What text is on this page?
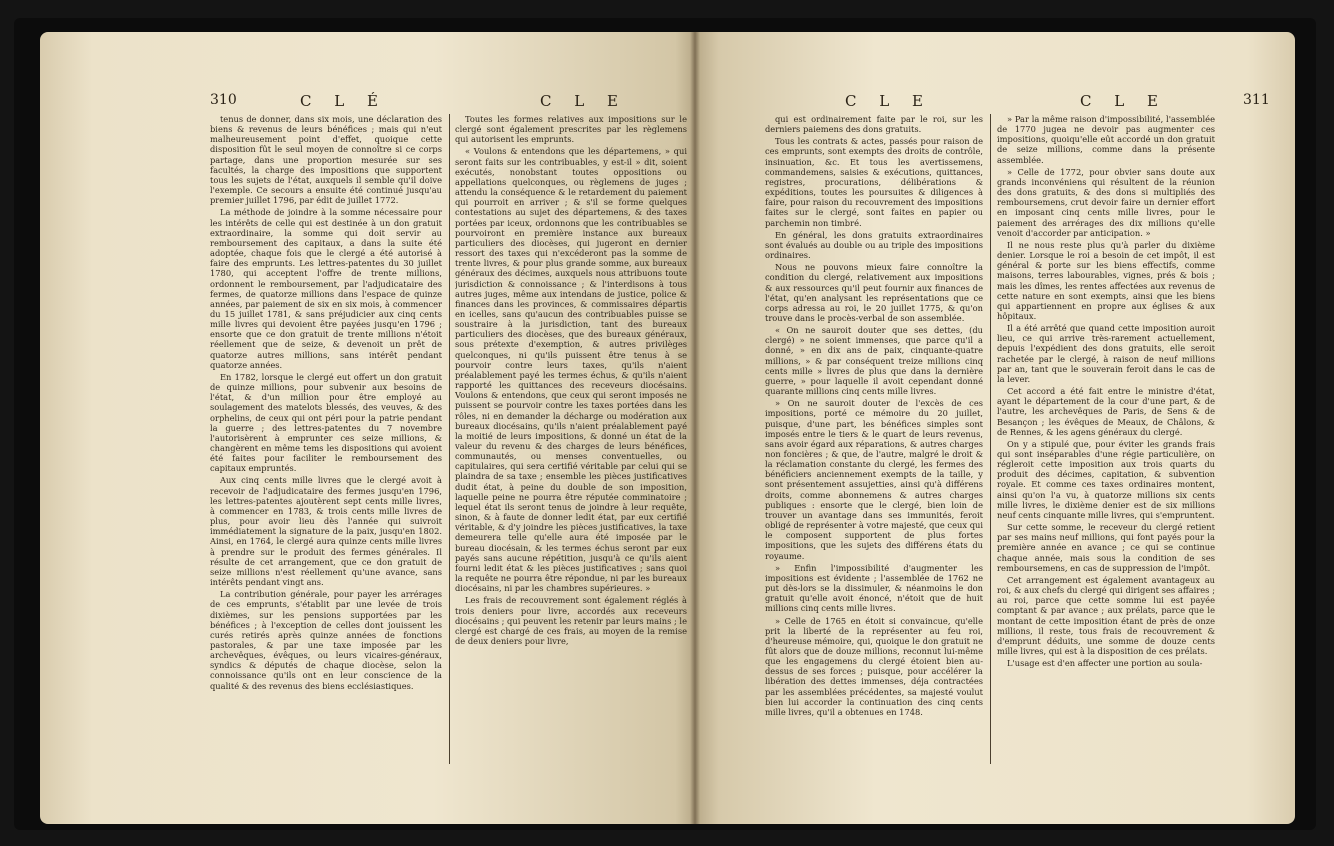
310	C L É	C L E

tenus de donner, dans six mois, une déclaration des biens & revenus de leurs bénéfices ; mais qui n'eut malheureusement point d'effet, quoique cette disposition fût le seul moyen de connoître si ce corps partage, dans une proportion mesurée sur ses facultés, la charge des impositions que supportent tous les sujets de l'état, auxquels il semble qu'il doive l'exemple. Ce secours a ensuite été continué jusqu'au premier juillet 1796, par édit de juillet 1772.

La méthode de joindre à la somme nécessaire pour les intérêts de celle qui est destinée à un don gratuit extraordinaire, la somme qui doit servir au remboursement des capitaux, a dans la suite été adoptée, chaque fois que le clergé a été autorisé à faire des emprunts. Les lettres-patentes du 30 juillet 1780, qui acceptent l'offre de trente millions, ordonnent le remboursement, par l'adjudicataire des fermes, de quatorze millions dans l'espace de quinze années, par paiement de six en six mois, à commencer du 15 juillet 1781, & sans préjudicier aux cinq cents mille livres qui devoient être payées jusqu'en 1796 ; ensorte que ce don gratuit de trente millions n'étoit réellement que de seize, & devenoit un prêt de quatorze autres millions, sans intérêt pendant quatorze années.

En 1782, lorsque le clergé eut offert un don gratuit de quinze millions, pour subvenir aux besoins de l'état, & d'un million pour être employé au soulagement des matelots blessés, des veuves, & des orphelins, de ceux qui ont péri pour la patrie pendant la guerre ; des lettres-patentes du 7 novembre l'autorisèrent à emprunter ces seize millions, & changèrent en même tems les dispositions qui avoient été faites pour faciliter le remboursement des capitaux empruntés.

Aux cinq cents mille livres que le clergé avoit à recevoir de l'adjudicataire des fermes jusqu'en 1796, les lettres-patentes ajoutèrent sept cents mille livres, à commencer en 1783, & trois cents mille livres de plus, pour avoir lieu dès l'année qui suivroit immédiatement la signature de la paix, jusqu'en 1802. Ainsi, en 1764, le clergé aura quinze cents mille livres à prendre sur le produit des fermes générales. Il résulte de cet arrangement, que ce don gratuit de seize millions n'est réellement qu'une avance, sans intérêts pendant vingt ans.

La contribution générale, pour payer les arrérages de ces emprunts, s'établit par une levée de trois dixièmes, sur les pensions supportées par les bénéfices ; à l'exception de celles dont jouissent les curés retirés après quinze années de fonctions pastorales, & par une taxe imposée par les archevêques, évêques, ou leurs vicaires-généraux, syndics & députés de chaque diocèse, selon la connoissance qu'ils ont en leur conscience de la qualité & des revenus des biens ecclésiastiques.

Toutes les formes relatives aux impositions sur le clergé sont également prescrites par les règlemens qui autorisent les emprunts.

« Voulons & entendons que les départemens, » qui seront faits sur les contribuables, y est-il » dit, soient exécutés, nonobstant toutes oppositions ou appellations quelconques, ou règlemens de juges ; attendu la conséquence & le retardement du paiement qui pourroit en arriver ; & s'il se forme quelques contestations au sujet des départemens, & des taxes portées par iceux, ordonnons que les contribuables se pourvoiront en première instance aux bureaux particuliers des diocèses, qui jugeront en dernier ressort des taxes qui n'excéderont pas la somme de trente livres, & pour plus grande somme, aux bureaux généraux des décimes, auxquels nous attribuons toute jurisdiction & connoissance ; & l'interdisons à tous autres juges, même aux intendans de justice, police & finances dans les provinces, & commissaires départis en icelles, sans qu'aucun des contribuables puisse se soustraire à la jurisdiction, tant des bureaux particuliers des diocèses, que des bureaux généraux, sous prétexte d'exemption, & autres privilèges quelconques, ni qu'ils puissent être tenus à se pourvoir contre leurs taxes, qu'ils n'aient préalablement payé les termes échus, & qu'ils n'aient rapporté les quittances des receveurs diocésains. Voulons & entendons, que ceux qui seront imposés ne puissent se pourvoir contre les taxes portées dans les rôles, ni en demander la décharge ou modération aux bureaux diocésains, qu'ils n'aient préalablement payé la moitié de leurs impositions, & donné un état de la valeur du revenu & des charges de leurs bénéfices, communautés, ou menses conventuelles, ou capitulaires, qui sera certifié véritable par celui qui se plaindra de sa taxe ; ensemble les pièces justificatives dudit état, à peine du double de son imposition, laquelle peine ne pourra être réputée comminatoire ; lequel état ils seront tenus de joindre à leur requête, sinon, & à faute de donner ledit état, par eux certifié véritable, & d'y joindre les pièces justificatives, la taxe demeurera telle qu'elle aura été imposée par le bureau diocésain, & les termes échus seront par eux payés sans aucune répétition, jusqu'à ce qu'ils aient fourni ledit état & les pièces justificatives ; sans quoi la requête ne pourra être répondue, ni par les bureaux diocésains, ni par les chambres supérieures. »

Les frais de recouvrement sont également réglés à trois deniers pour livre, accordés aux receveurs diocésains ; qui peuvent les retenir par leurs mains ; le clergé est chargé de ces frais, au moyen de la remise de deux deniers pour livre,

C L E	C L E	311

qui est ordinairement faite par le roi, sur les derniers paiemens des dons gratuits.

Tous les contrats & actes, passés pour raison de ces emprunts, sont exempts des droits de contrôle, insinuation, &c. Et tous les avertissemens, commandemens, saisies & exécutions, quittances, registres, procurations, délibérations & expéditions, toutes les poursuites & diligences à faire, pour raison du recouvrement des impositions faites sur le clergé, sont faites en papier ou parchemin non timbré.

En général, les dons gratuits extraordinaires sont évalués au double ou au triple des impositions ordinaires.

Nous ne pouvons mieux faire connoître la condition du clergé, relativement aux impositions & aux ressources qu'il peut fournir aux finances de l'état, qu'en analysant les représentations que ce corps adressa au roi, le 20 juillet 1775, & qu'on trouve dans le procès-verbal de son assemblée.

« On ne sauroit douter que ses dettes, (du clergé) » ne soient immenses, que parce qu'il a donné, » en dix ans de paix, cinquante-quatre millions, » & par conséquent treize millions cinq cents mille » livres de plus que dans la dernière guerre, » pour laquelle il avoit cependant donné quarante millions cinq cents mille livres.

» On ne sauroit douter de l'excès de ces impositions, porté ce mémoire du 20 juillet, puisque, d'une part, les bénéfices simples sont imposés entre le tiers & le quart de leurs revenus, sans avoir égard aux réparations, & autres charges non foncières ; & que, de l'autre, malgré le droit & la réclamation constante du clergé, les fermes des bénéficiers anciennement exempts de la taille, y sont présentement assujetties, ainsi qu'à différens droits, comme abonnemens & autres charges publiques : ensorte que le clergé, bien loin de trouver un avantage dans ses immunités, feroit obligé de représenter à votre majesté, que ceux qui le composent supportent de plus fortes impositions, que les sujets des différens états du royaume.

» Enfin l'impossibilité d'augmenter les impositions est évidente ; l'assemblée de 1762 ne put dès-lors se la dissimuler, & néanmoins le don gratuit qu'elle avoit énoncé, n'étoit que de huit millions cinq cents mille livres.

» Celle de 1765 en étoit si convaincue, qu'elle prit la liberté de la représenter au feu roi, d'heureuse mémoire, qui, quoique le don gratuit ne fût alors que de douze millions, reconnut lui-même que les engagemens du clergé étoient bien au-dessus de ses forces ; puisque, pour accélérer la libération des dettes immenses, déja contractées par les assemblées précédentes, sa majesté voulut bien lui accorder la continuation des cinq cents mille livres, qu'il a obtenues en 1748.

» Par la même raison d'impossibilité, l'assemblée de 1770 jugea ne devoir pas augmenter ces impositions, quoiqu'elle eût accordé un don gratuit de seize millions, comme dans la présente assemblée.

» Celle de 1772, pour obvier sans doute aux grands inconvéniens qui résultent de la réunion des dons gratuits, & des dons si multipliés des remboursemens, crut devoir faire un dernier effort en imposant cinq cents mille livres, pour le paiement des arrérages des dix millions qu'elle venoit d'accorder par anticipation. »

Il ne nous reste plus qu'à parler du dixième denier. Lorsque le roi a besoin de cet impôt, il est général & porte sur les biens effectifs, comme maisons, terres labourables, vignes, prés & bois ; mais les dîmes, les rentes affectées aux revenus de cette nature en sont exempts, ainsi que les biens qui appartiennent en propre aux églises & aux hôpitaux.

Il a été arrêté que quand cette imposition auroit lieu, ce qui arrive très-rarement actuellement, depuis l'expédient des dons gratuits, elle seroit rachetée par le clergé, à raison de neuf millions par an, tant que le souverain feroit dans le cas de la lever.

Cet accord a été fait entre le ministre d'état, ayant le département de la cour d'une part, & de l'autre, les archevêques de Paris, de Sens & de Besançon ; les évêques de Meaux, de Châlons, & de Rennes, & les agens généraux du clergé.

On y a stipulé que, pour éviter les grands frais qui sont inséparables d'une régie particulière, on régleroit cette imposition aux trois quarts du produit des décimes, capitation, & subvention royale. Et comme ces taxes ordinaires montent, ainsi qu'on l'a vu, à quatorze millions six cents mille livres, le dixième denier est de six millions neuf cents cinquante mille livres, qui s'empruntent.

Sur cette somme, le receveur du clergé retient par ses mains neuf millions, qui font payés pour la première année en avance ; ce qui se continue chaque année, mais sous la condition de ses remboursemens, en cas de suppression de l'impôt.

Cet arrangement est également avantageux au roi, & aux chefs du clergé qui dirigent ses affaires ; au roi, parce que cette somme lui est payée comptant & par avance ; aux prélats, parce que le montant de cette imposition étant de près de onze millions, il reste, tous frais de recouvrement & d'emprunt déduits, une somme de douze cents mille livres, qui est à la disposition de ces prélats.

L'usage est d'en affecter une portion au soula-
